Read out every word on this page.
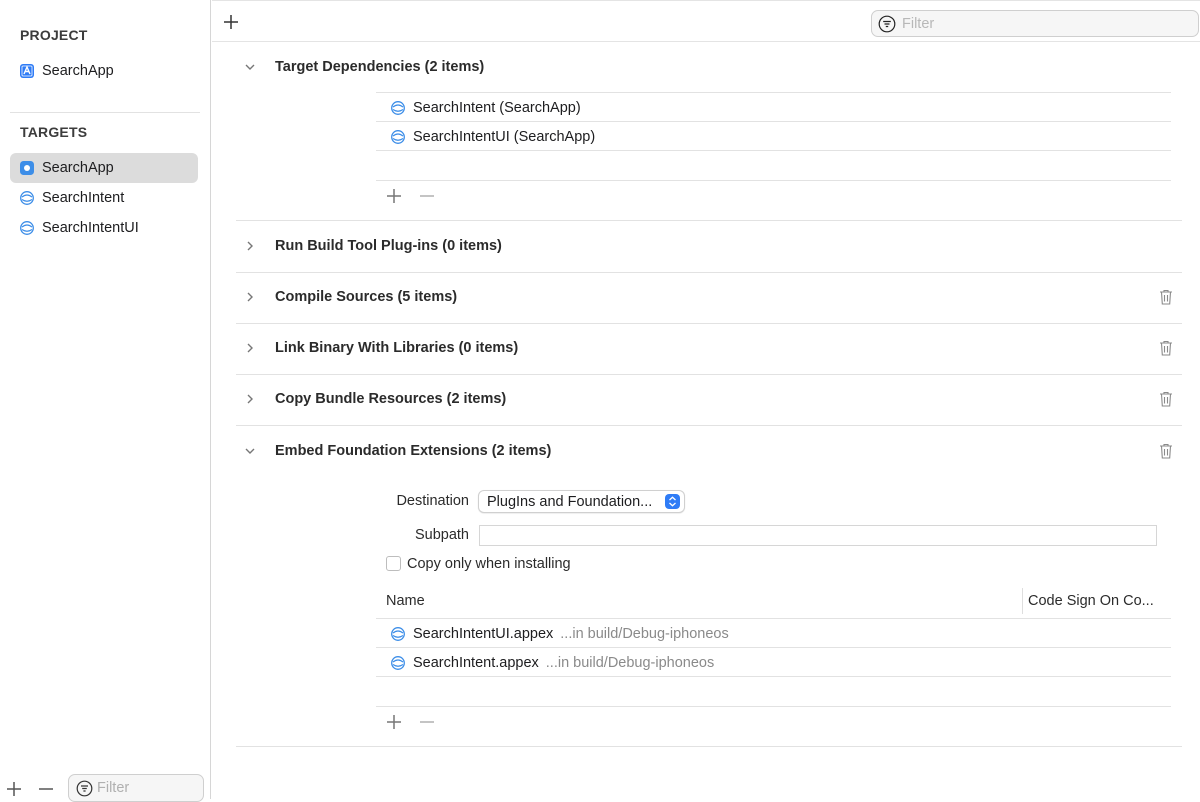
PROJECT
SearchApp
TARGETS
SearchApp
SearchIntent
SearchIntentUI
Filter
Filter
Target Dependencies (2 items)
SearchIntent (SearchApp)
SearchIntentUI (SearchApp)
Run Build Tool Plug-ins (0 items)
Compile Sources (5 items)
Link Binary With Libraries (0 items)
Copy Bundle Resources (2 items)
Embed Foundation Extensions (2 items)
Destination PlugIns and Foundation...
Subpath
Copy only when installing
Name	Code Sign On Co...
SearchIntentUI.appex ...in build/Debug-iphoneos
SearchIntent.appex ...in build/Debug-iphoneos
